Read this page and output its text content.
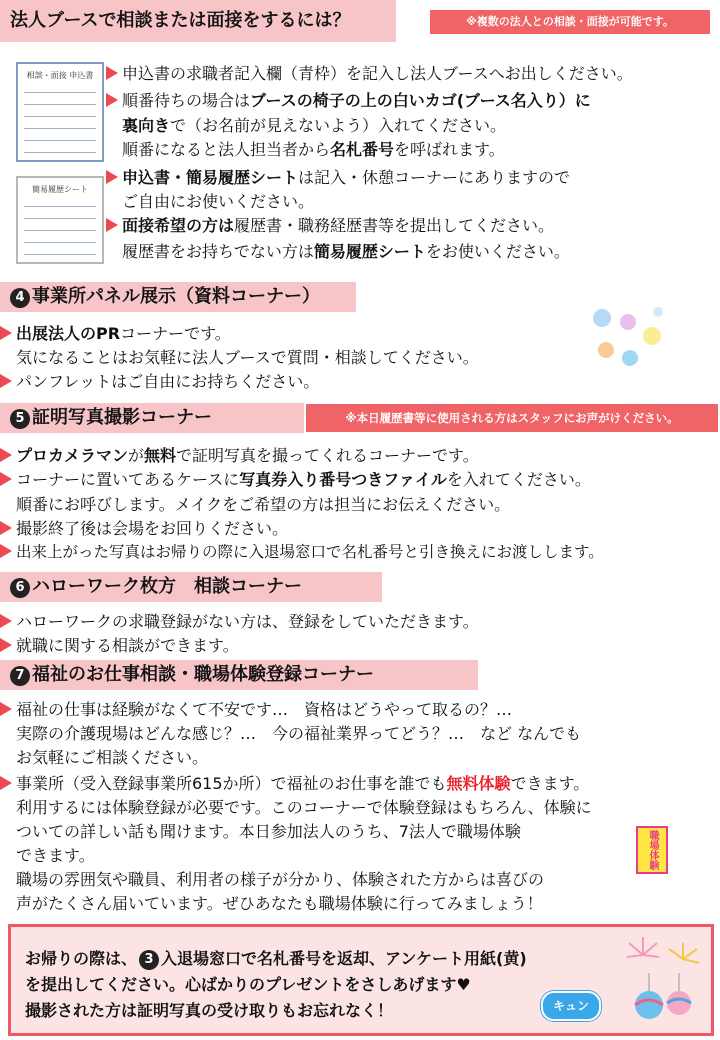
法人ブースで相談または面接をするには？	※複数の法人との相談・面接が可能です。
相談・面接 申込書
簡易履歴シート
申込書の求職者記入欄（青枠）を記入し法人ブースへお出しください。
順番待ちの場合はブースの椅子の上の白いカゴ(ブース名入り）に
裏向きで（お名前が見えないよう）入れてください。
順番になると法人担当者から名札番号を呼ばれます。
申込書・簡易履歴シートは記入・休憩コーナーにありますので
ご自由にお使いください。
面接希望の方は履歴書・職務経歴書等を提出してください。
履歴書をお持ちでない方は簡易履歴シートをお使いください。
4 事業所パネル展示（資料コーナー）
出展法人のPRコーナーです。
気になることはお気軽に法人ブースで質問・相談してください。
パンフレットはご自由にお持ちください。
5 証明写真撮影コーナー	※本日履歴書等に使用される方はスタッフにお声がけください。
プロカメラマンが無料で証明写真を撮ってくれるコーナーです。
コーナーに置いてあるケースに写真券入り番号つきファイルを入れてください。
順番にお呼びします。メイクをご希望の方は担当にお伝えください。
撮影終了後は会場をお回りください。
出来上がった写真はお帰りの際に入退場窓口で名札番号と引き換えにお渡しします。
6 ハローワーク枚方　相談コーナー
ハローワークの求職登録がない方は、登録をしていただきます。
就職に関する相談ができます。
7 福祉のお仕事相談・職場体験登録コーナー
福祉の仕事は経験がなくて不安です…　資格はどうやって取るの？…
実際の介護現場はどんな感じ？…　今の福祉業界ってどう？…　など なんでも
お気軽にご相談ください。
事業所（受入登録事業所615か所）で福祉のお仕事を誰でも無料体験できます。
利用するには体験登録が必要です。このコーナーで体験登録はもちろん、体験に
ついての詳しい話も聞けます。本日参加法人のうち、7法人で職場体験
できます。
職場の雰囲気や職員、利用者の様子が分かり、体験された方からは喜びの
声がたくさん届いています。ぜひあなたも職場体験に行ってみましょう！
職場体験
お帰りの際は、 3 入退場窓口で名札番号を返却、アンケート用紙(黄)
を提出してください。心ばかりのプレゼントをさしあげます♥
撮影された方は証明写真の受け取りもお忘れなく！	キュン
